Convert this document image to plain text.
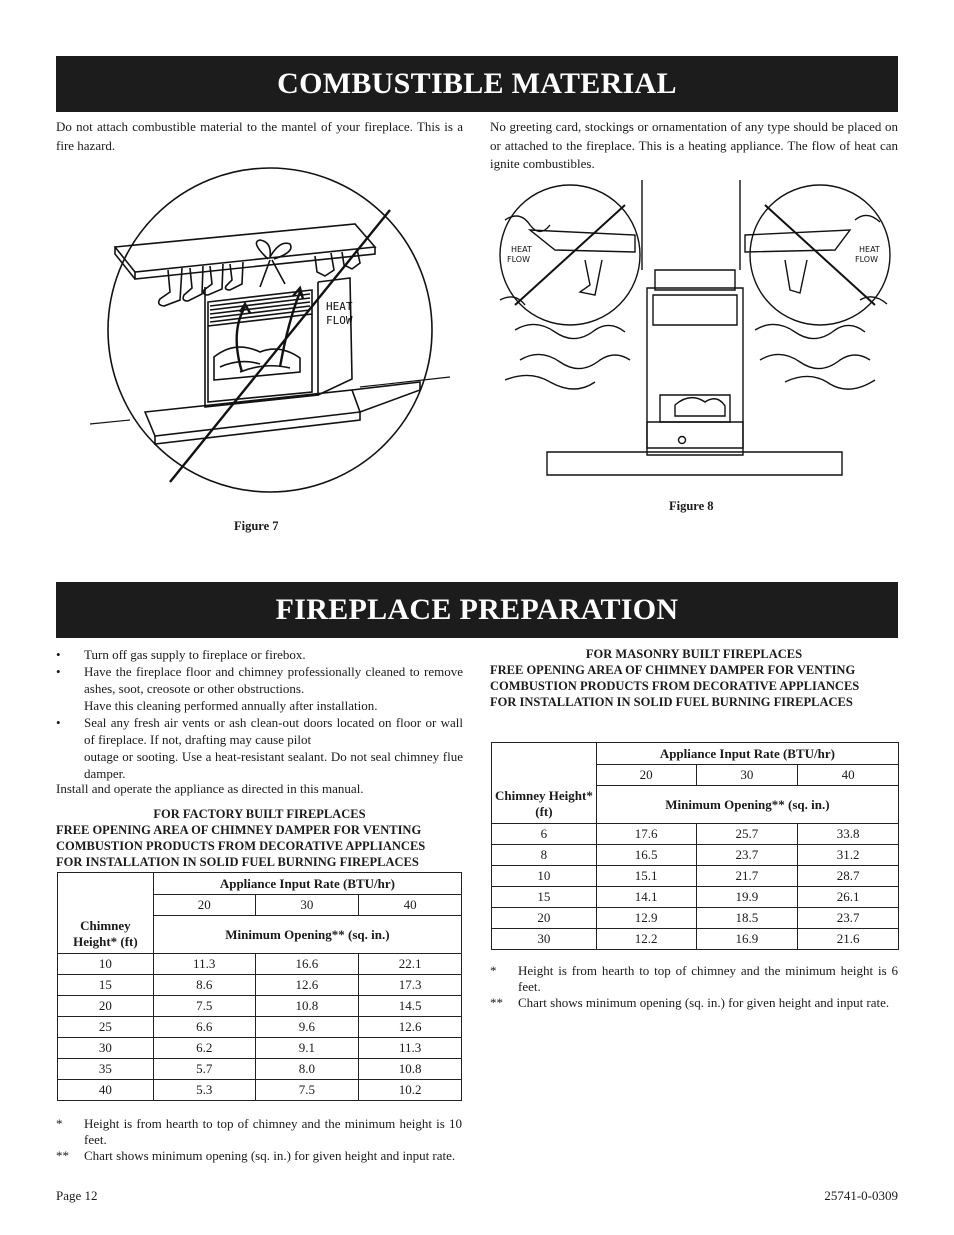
COMBUSTIBLE MATERIAL
Do not attach combustible material to the mantel of your fireplace. This is a fire hazard.
No greeting card, stockings or ornamentation of any type should be placed on or attached to the fireplace. This is a heating appliance. The flow of heat can ignite combustibles.
HEAT
FLOW
Figure 7
HEAT
FLOW
HEAT
FLOW
Figure 8
FIREPLACE PREPARATION
• Turn off gas supply to fireplace or firebox.
• Have the fireplace floor and chimney professionally cleaned to remove ashes, soot, creosote or other obstructions.
Have this cleaning performed annually after installation.
• Seal any fresh air vents or ash clean-out doors located on floor or wall of fireplace. If not, drafting may cause pilot
outage or sooting. Use a heat-resistant sealant. Do not seal chimney flue damper.
Install and operate the appliance as directed in this manual.
FOR FACTORY BUILT FIREPLACES
FREE OPENING AREA OF CHIMNEY DAMPER FOR VENTING
COMBUSTION PRODUCTS FROM DECORATIVE APPLIANCES
FOR INSTALLATION IN SOLID FUEL BURNING FIREPLACES
	Appliance Input Rate (BTU/hr)		
	20	30	40
Chimney Height* (ft)	Minimum Opening** (sq. in.)		
10	11.3	16.6	22.1
15	8.6	12.6	17.3
20	7.5	10.8	14.5
25	6.6	9.6	12.6
30	6.2	9.1	11.3
35	5.7	8.0	10.8
40	5.3	7.5	10.2
* Height is from hearth to top of chimney and the minimum height is 10 feet.
** Chart shows minimum opening (sq. in.) for given height and input rate.
FOR MASONRY BUILT FIREPLACES
FREE OPENING AREA OF CHIMNEY DAMPER FOR VENTING
COMBUSTION PRODUCTS FROM DECORATIVE APPLIANCES
FOR INSTALLATION IN SOLID FUEL BURNING FIREPLACES
	Appliance Input Rate (BTU/hr)		
	20	30	40
Chimney Height* (ft)	Minimum Opening** (sq. in.)		
6	17.6	25.7	33.8
8	16.5	23.7	31.2
10	15.1	21.7	28.7
15	14.1	19.9	26.1
20	12.9	18.5	23.7
30	12.2	16.9	21.6
* Height is from hearth to top of chimney and the minimum height is 6 feet.
** Chart shows minimum opening (sq. in.) for given height and input rate.
Page 12	25741-0-0309
